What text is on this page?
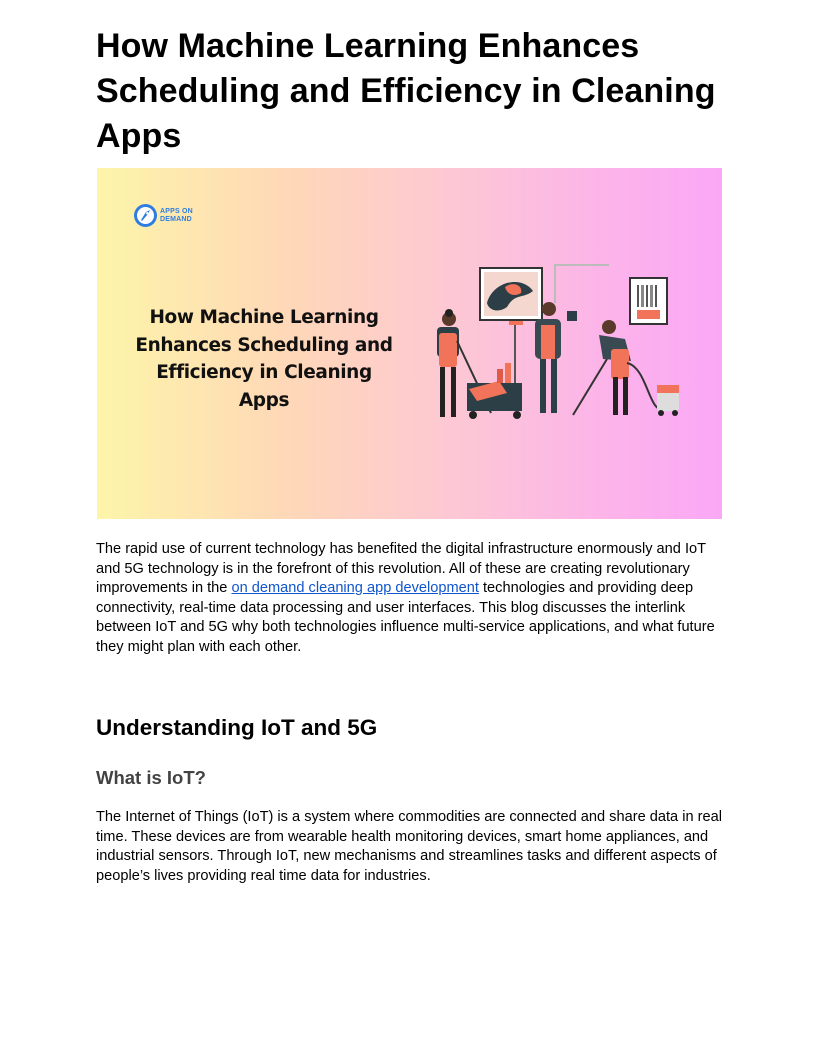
How Machine Learning Enhances Scheduling and Efficiency in Cleaning Apps
APPS ON
DEMAND

How Machine Learning Enhances Scheduling and Efficiency in Cleaning Apps

The rapid use of current technology has benefited the digital infrastructure enormously and IoT and 5G technology is in the forefront of this revolution. All of these are creating revolutionary improvements in the on demand cleaning app development technologies and providing deep connectivity, real-time data processing and user interfaces. This blog discusses the interlink between IoT and 5G why both technologies influence multi-service applications, and what future they might plan with each other.

Understanding IoT and 5G
What is IoT?

The Internet of Things (IoT) is a system where commodities are connected and share data in real time. These devices are from wearable health monitoring devices, smart home appliances, and industrial sensors. Through IoT, new mechanisms and streamlines tasks and different aspects of people’s lives providing real time data for industries.
